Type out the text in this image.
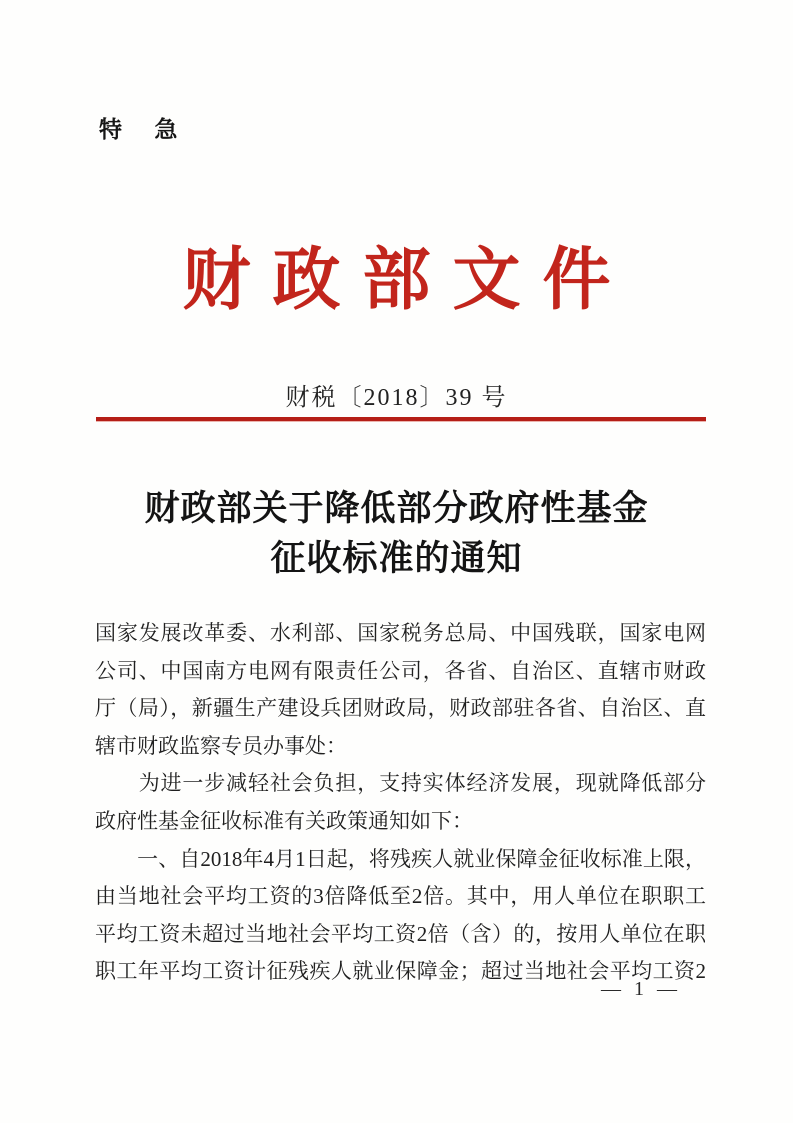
特 急
财政部文件
财税〔2018〕39 号
财政部关于降低部分政府性基金
征收标准的通知
国家发展改革委、水利部、国家税务总局、中国残联，国家电网
公司、中国南方电网有限责任公司，各省、自治区、直辖市财政
厅（局），新疆生产建设兵团财政局，财政部驻各省、自治区、直
辖市财政监察专员办事处：
　　为进一步减轻社会负担，支持实体经济发展，现就降低部分
政府性基金征收标准有关政策通知如下：
　　一、自2018年4月1日起，将残疾人就业保障金征收标准上限，
由当地社会平均工资的3倍降低至2倍。其中，用人单位在职职工
平均工资未超过当地社会平均工资2倍（含）的，按用人单位在职
职工年平均工资计征残疾人就业保障金；超过当地社会平均工资2
— 1 —
